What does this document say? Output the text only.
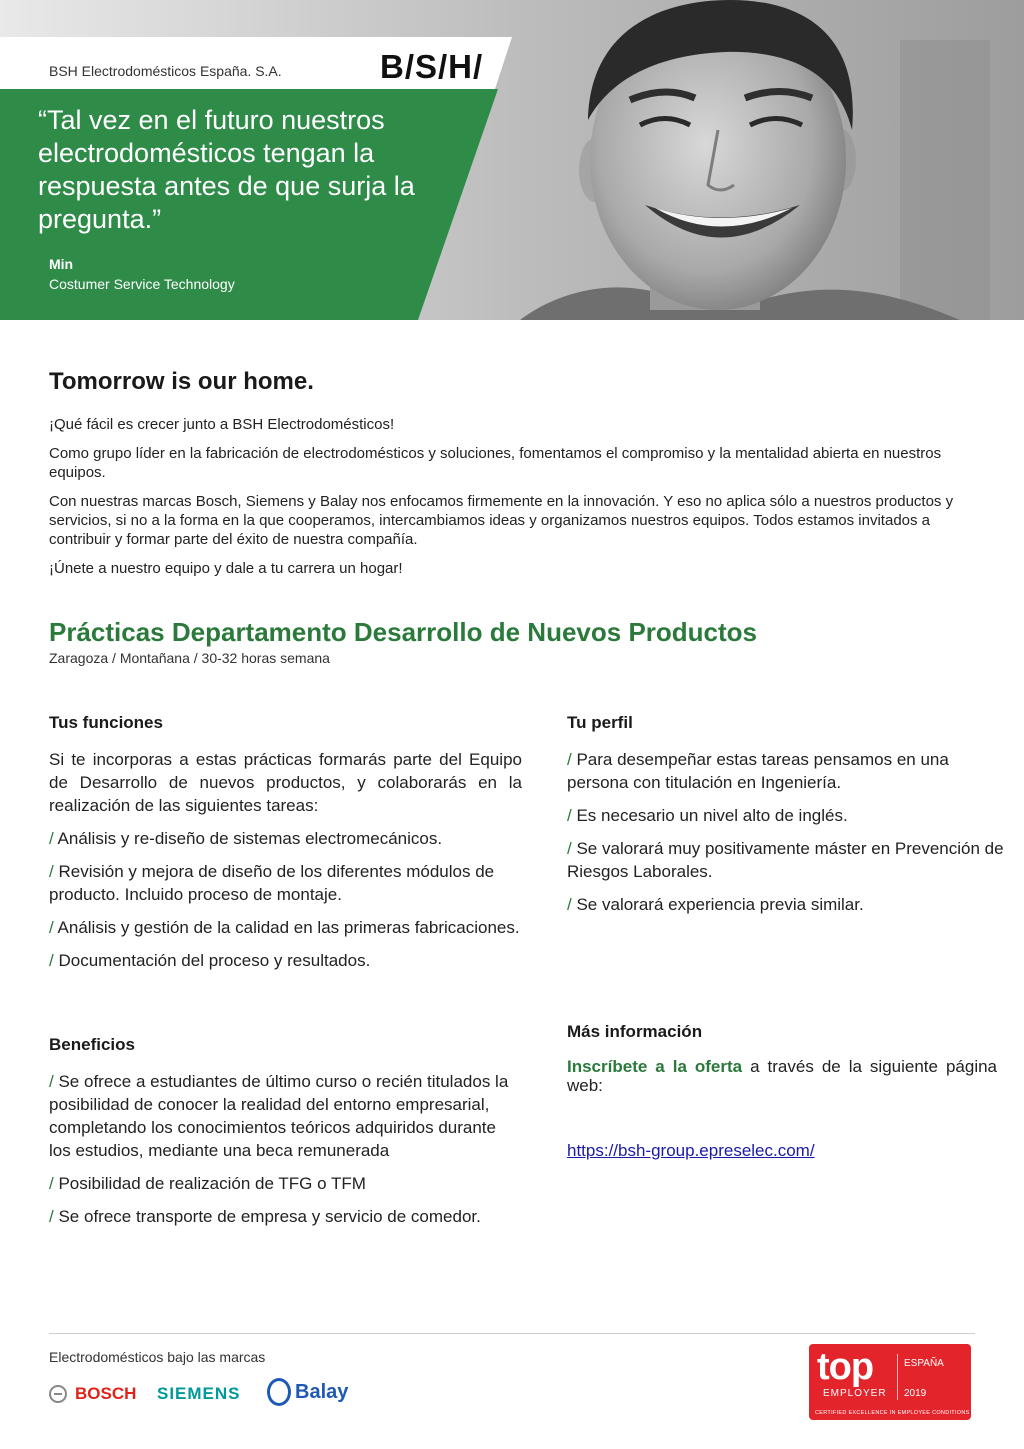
BSH Electrodomésticos España. S.A.	B/S/H/
“Tal vez en el futuro nuestros electrodomésticos tengan la respuesta antes de que surja la pregunta.”
Min
Costumer Service Technology
Tomorrow is our home.

¡Qué fácil es crecer junto a BSH Electrodomésticos!

Como grupo líder en la fabricación de electrodomésticos y soluciones, fomentamos el compromiso y la mentalidad abierta en nuestros equipos.

Con nuestras marcas Bosch, Siemens y Balay nos enfocamos firmemente en la innovación. Y eso no aplica sólo a nuestros productos y servicios, si no a la forma en la que cooperamos, intercambiamos ideas y organizamos nuestros equipos. Todos estamos invitados a contribuir y formar parte del éxito de nuestra compañía.

¡Únete a nuestro equipo y dale a tu carrera un hogar!

Prácticas Departamento Desarrollo de Nuevos Productos
Zaragoza / Montañana / 30-32 horas semana
Tus funciones

Si te incorporas a estas prácticas formarás parte del Equipo de Desarrollo de nuevos productos, y colaborarás en la realización de las siguientes tareas:

/ Análisis y re-diseño de sistemas electromecánicos.

/ Revisión y mejora de diseño de los diferentes módulos de producto. Incluido proceso de montaje.

/ Análisis y gestión de la calidad en las primeras fabricaciones.

/ Documentación del proceso y resultados.

Tu perfil

/ Para desempeñar estas tareas pensamos en una persona con titulación en Ingeniería.

/ Es necesario un nivel alto de inglés.

/ Se valorará muy positivamente máster en Prevención de Riesgos Laborales.

/ Se valorará experiencia previa similar.

Beneficios

/ Se ofrece a estudiantes de último curso o recién titulados la posibilidad de conocer la realidad del entorno empresarial, completando los conocimientos teóricos adquiridos durante los estudios, mediante una beca remunerada

/ Posibilidad de realización de TFG o TFM

/ Se ofrece transporte de empresa y servicio de comedor.

Más información

Inscríbete a la oferta a través de la siguiente página web:

https://bsh-group.epreselec.com/

Electrodomésticos bajo las marcas
BOSCH SIEMENS	Balay
top
EMPLOYER
ESPAÑA
2019
CERTIFIED EXCELLENCE IN EMPLOYEE CONDITIONS
